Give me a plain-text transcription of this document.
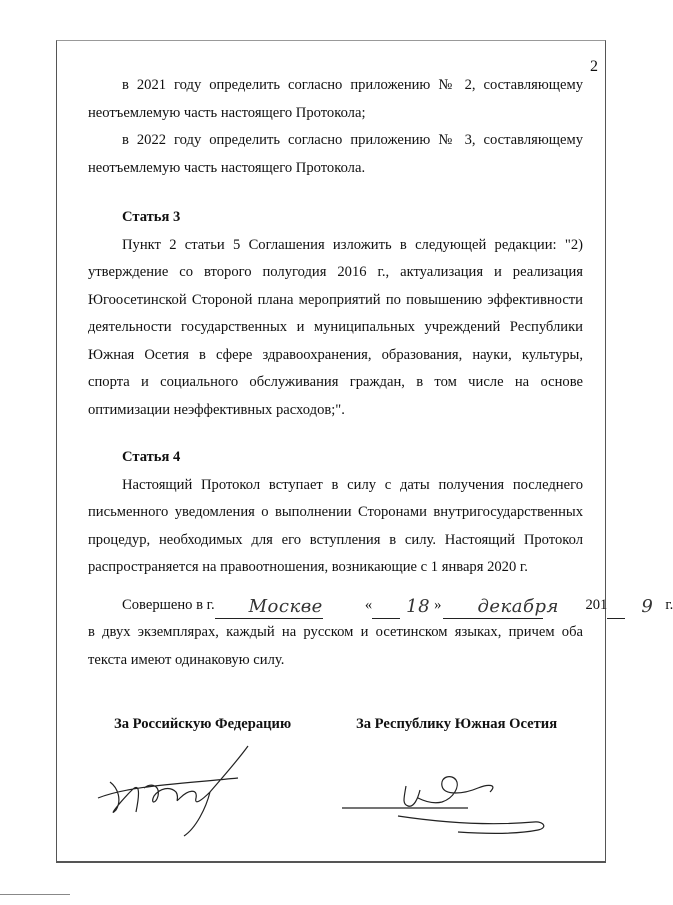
2

в 2021 году определить согласно приложению № 2, составляющему неотъемлемую часть настоящего Протокола;

в 2022 году определить согласно приложению № 3, составляющему неотъемлемую часть настоящего Протокола.

Статья 3

Пункт 2 статьи 5 Соглашения изложить в следующей редакции: "2) утверждение со второго полугодия 2016 г., актуализация и реализация Югоосетинской Стороной плана мероприятий по повышению эффективности деятельности государственных и муниципальных учреждений Республики Южная Осетия в сфере здравоохранения, образования, науки, культуры, спорта и социального обслуживания граждан, в том числе на основе оптимизации неэффективных расходов;".

Статья 4

Настоящий Протокол вступает в силу с даты получения последнего письменного уведомления о выполнении Сторонами внутригосударственных процедур, необходимых для его вступления в силу. Настоящий Протокол распространяется на правоотношения, возникающие с 1 января 2020 г.

Совершено в г.	Москве	«	18 »	декабря	201	9 г.

в двух экземплярах, каждый на русском и осетинском языках, причем оба текста имеют одинаковую силу.

За Российскую Федерацию	За Республику Южная Осетия
